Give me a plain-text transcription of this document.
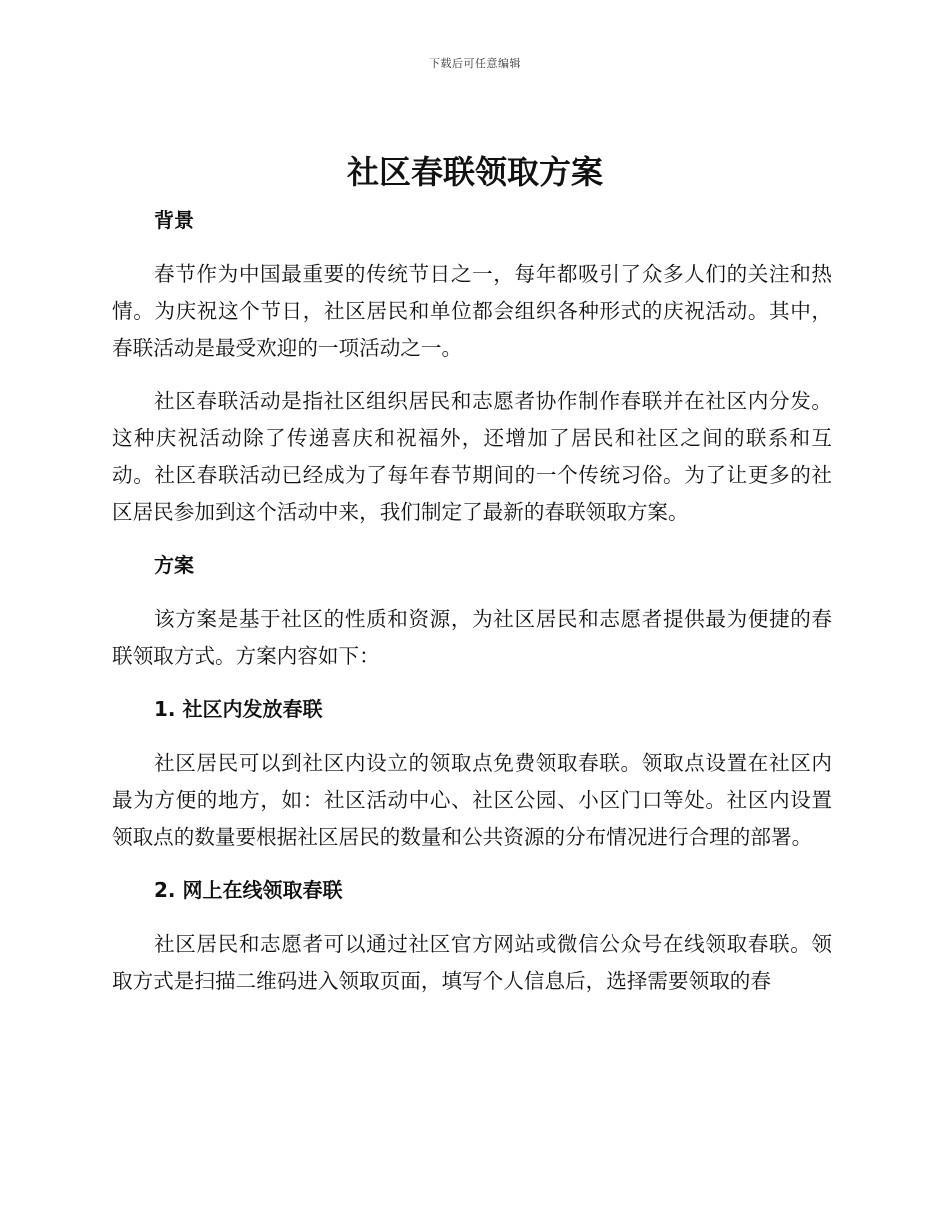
下载后可任意编辑
社区春联领取方案
背景

春节作为中国最重要的传统节日之一，每年都吸引了众多人们的关注和热情。为庆祝这个节日，社区居民和单位都会组织各种形式的庆祝活动。其中，春联活动是最受欢迎的一项活动之一。

社区春联活动是指社区组织居民和志愿者协作制作春联并在社区内分发。这种庆祝活动除了传递喜庆和祝福外，还增加了居民和社区之间的联系和互动。社区春联活动已经成为了每年春节期间的一个传统习俗。为了让更多的社区居民参加到这个活动中来，我们制定了最新的春联领取方案。

方案

该方案是基于社区的性质和资源，为社区居民和志愿者提供最为便捷的春联领取方式。方案内容如下：

1. 社区内发放春联

社区居民可以到社区内设立的领取点免费领取春联。领取点设置在社区内最为方便的地方，如：社区活动中心、社区公园、小区门口等处。社区内设置领取点的数量要根据社区居民的数量和公共资源的分布情况进行合理的部署。

2. 网上在线领取春联

社区居民和志愿者可以通过社区官方网站或微信公众号在线领取春联。领取方式是扫描二维码进入领取页面，填写个人信息后，选择需要领取的春
